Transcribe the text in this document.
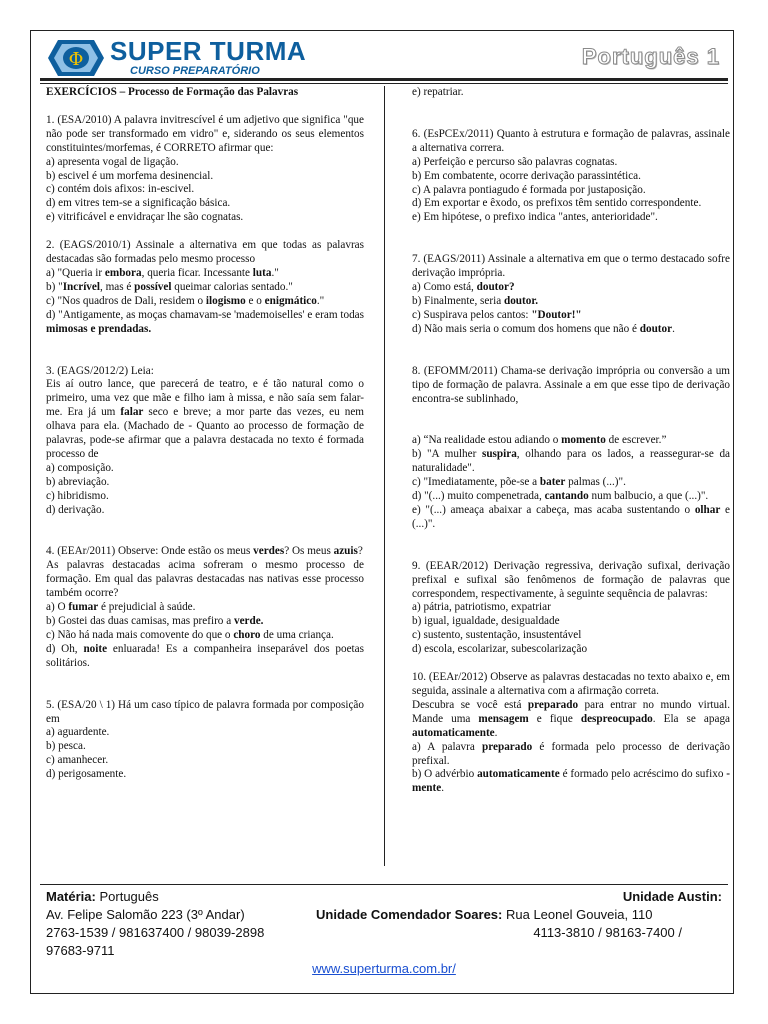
Φ SUPER TURMA
CURSO PREPARATÓRIO
Português 1

EXERCÍCIOS – Processo de Formação das Palavras

1. (ESA/2010) A palavra invitrescível é um adjetivo que significa "que não pode ser transformado em vidro" e, siderando os seus elementos constituintes/morfemas, é CORRETO afirmar que:

a) apresenta vogal de ligação.

b) escivel é um morfema desinencial.

c) contém dois afixos: in-escivel.

d) em vitres tem-se a significação básica.

e) vitrificável e envidraçar lhe são cognatas.

2. (EAGS/2010/1) Assinale a alternativa em que todas as palavras destacadas são formadas pelo mesmo processo

a) "Queria ir embora, queria ficar. Incessante luta."

b) "Incrível, mas é possível queimar calorias sentado."

c) "Nos quadros de Dali, residem o ilogismo e o enigmático."

d) "Antigamente, as moças chamavam-se 'mademoiselles' e eram todas mimosas e prendadas.

3. (EAGS/2012/2) Leia:

Eis aí outro lance, que parecerá de teatro, e é tão natural como o primeiro, uma vez que mãe e filho iam à missa, e não saía sem falar-me. Era já um falar seco e breve; a mor parte das vezes, eu nem olhava para ela. (Machado de - Quanto ao processo de formação de palavras, pode-se afirmar que a palavra destacada no texto é formada processo de

a) composição.

b) abreviação.

c) hibridismo.

d) derivação.

4. (EEAr/2011) Observe: Onde estão os meus verdes? Os meus azuis?

As palavras destacadas acima sofreram o mesmo processo de formação. Em qual das palavras destacadas nas nativas esse processo também ocorre?

a) O fumar é prejudicial à saúde.

b) Gostei das duas camisas, mas prefiro a verde.

c) Não há nada mais comovente do que o choro de uma criança.

d) Oh, noite enluarada! Es a companheira inseparável dos poetas solitários.

5. (ESA/20 \ 1) Há um caso típico de palavra formada por composição em

a) aguardente.

b) pesca.

c) amanhecer.

d) perigosamente.

e) repatriar.

6. (EsPCEx/2011) Quanto à estrutura e formação de palavras, assinale a alternativa correra.

a) Perfeição e percurso são palavras cognatas.

b) Em combatente, ocorre derivação parassintética.

c) A palavra pontiagudo é formada por justaposição.

d) Em exportar e êxodo, os prefixos têm sentido correspondente.

e) Em hipótese, o prefixo indica "antes, anterioridade".

7. (EAGS/2011) Assinale a alternativa em que o termo destacado sofre derivação imprópria.

a) Como está, doutor?

b) Finalmente, seria doutor.

c) Suspirava pelos cantos: "Doutor!"

d) Não mais seria o comum dos homens que não é doutor.

8. (EFOMM/2011) Chama-se derivação imprópria ou conversão a um tipo de formação de palavra. Assinale a em que esse tipo de derivação encontra-se sublinhado,

a) “Na realidade estou adiando o momento de escrever.”

b) "A mulher suspira, olhando para os lados, a reassegurar-se da naturalidade".

c) "Imediatamente, põe-se a bater palmas (...)".

d) "(...) muito compenetrada, cantando num balbucio, a que (...)".

e) "(...) ameaça abaixar a cabeça, mas acaba sustentando o olhar e (...)".

9. (EEAR/2012) Derivação regressiva, derivação sufixal, derivação prefixal e sufixal são fenômenos de formação de palavras que correspondem, respectivamente, à seguinte sequência de palavras:

a) pátria, patriotismo, expatriar

b) igual, igualdade, desigualdade

c) sustento, sustentação, insustentável

d) escola, escolarizar, subescolarização

10. (EEAr/2012) Observe as palavras destacadas no texto abaixo e, em seguida, assinale a alternativa com a afirmação correta.

Descubra se você está preparado para entrar no mundo virtual. Mande uma mensagem e fique despreocupado. Ela se apaga automaticamente.

a) A palavra preparado é formada pelo processo de derivação prefixal.

b) O advérbio automaticamente é formado pelo acréscimo do sufixo -mente.

Matéria: Português	Unidade Austin:
Av. Felipe Salomão 223 (3º Andar)	Unidade Comendador Soares: Rua Leonel Gouveia, 110
2763-1539 / 981637400 / 98039-2898	4113-3810 / 98163-7400 /
97683-9711
www.superturma.com.br/
